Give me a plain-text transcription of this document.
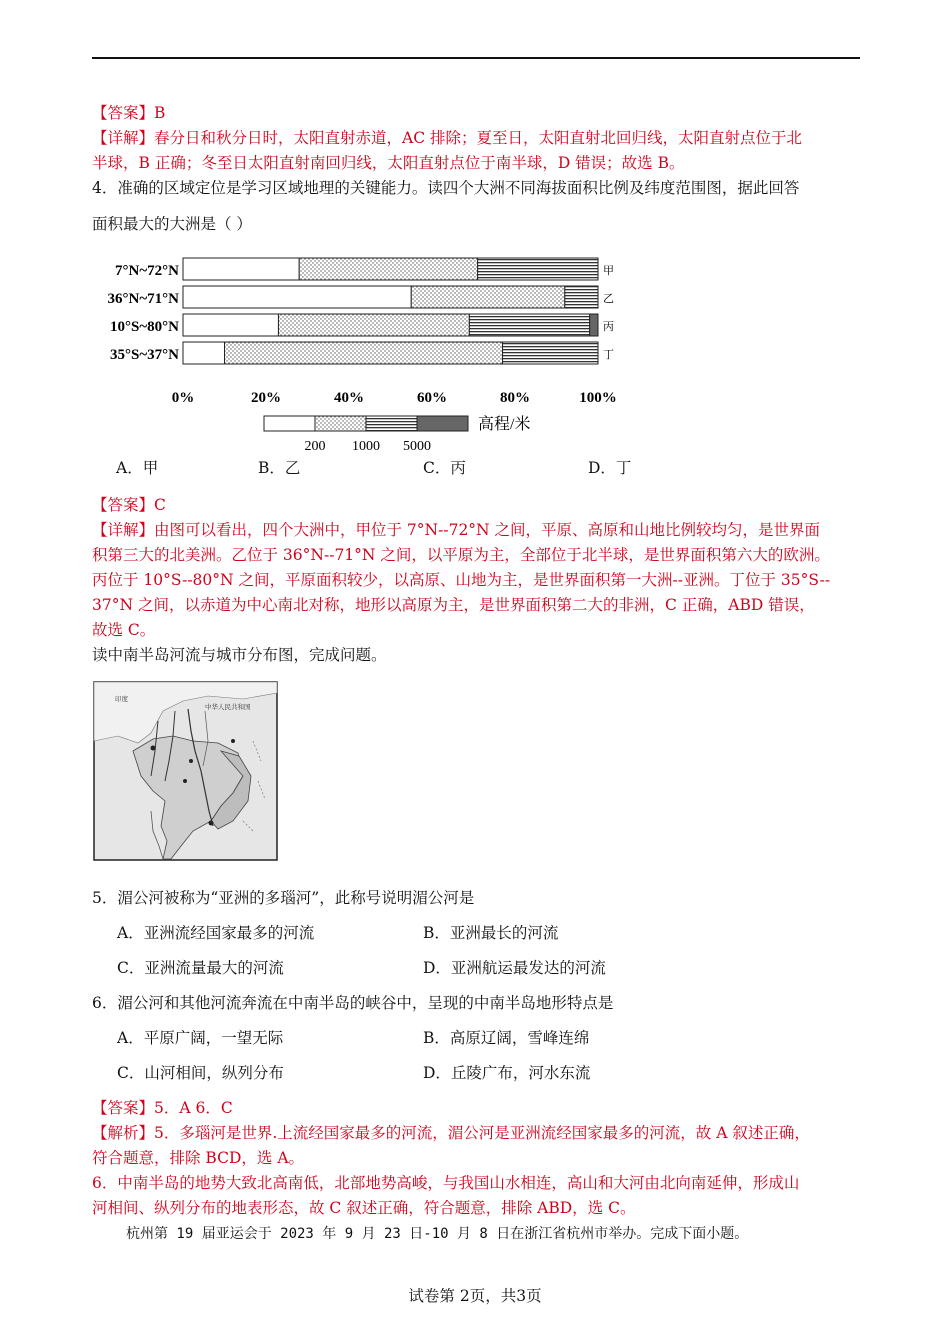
【答案】B
【详解】春分日和秋分日时，太阳直射赤道，AC 排除；夏至日，太阳直射北回归线，太阳直射点位于北
半球，B 正确；冬至日太阳直射南回归线，太阳直射点位于南半球，D 错误；故选 B。
4．准确的区域定位是学习区域地理的关键能力。读四个大洲不同海拔面积比例及纬度范围图，据此回答
面积最大的大洲是（ ）
7°N~72°N
36°N~71°N
10°S~80°N
35°S~37°N
甲
乙
丙
丁
0%	20%	40%	60%	80%	100%
高程/米
200 1000 5000
A．甲	B．乙	C．丙	D．丁
【答案】C
【详解】由图可以看出，四个大洲中，甲位于 7°N--72°N 之间，平原、高原和山地比例较均匀，是世界面
积第三大的北美洲。乙位于 36°N--71°N 之间，以平原为主，全部位于北半球，是世界面积第六大的欧洲。
丙位于 10°S--80°N 之间，平原面积较少，以高原、山地为主，是世界面积第一大洲--亚洲。丁位于 35°S--
37°N 之间，以赤道为中心南北对称，地形以高原为主，是世界面积第二大的非洲，C 正确，ABD 错误，
故选 C。
读中南半岛河流与城市分布图，完成问题。
印度
中华人民共和国
5．湄公河被称为“亚洲的多瑙河”，此称号说明湄公河是
A．亚洲流经国家最多的河流	B．亚洲最长的河流
C．亚洲流量最大的河流	D．亚洲航运最发达的河流
6．湄公河和其他河流奔流在中南半岛的峡谷中，呈现的中南半岛地形特点是
A．平原广阔，一望无际	B．高原辽阔，雪峰连绵
C．山河相间，纵列分布	D．丘陵广布，河水东流
【答案】5．A 6．C
【解析】5．多瑙河是世界.上流经国家最多的河流，湄公河是亚洲流经国家最多的河流，故 A 叙述正确，
符合题意，排除 BCD，选 A。
6．中南半岛的地势大致北高南低，北部地势高峻，与我国山水相连，高山和大河由北向南延伸，形成山
河相间、纵列分布的地表形态，故 C 叙述正确，符合题意，排除 ABD，选 C。
杭州第 19 届亚运会于 2023 年 9 月 23 日-10 月 8 日在浙江省杭州市举办。完成下面小题。
试卷第 2页，共3页
